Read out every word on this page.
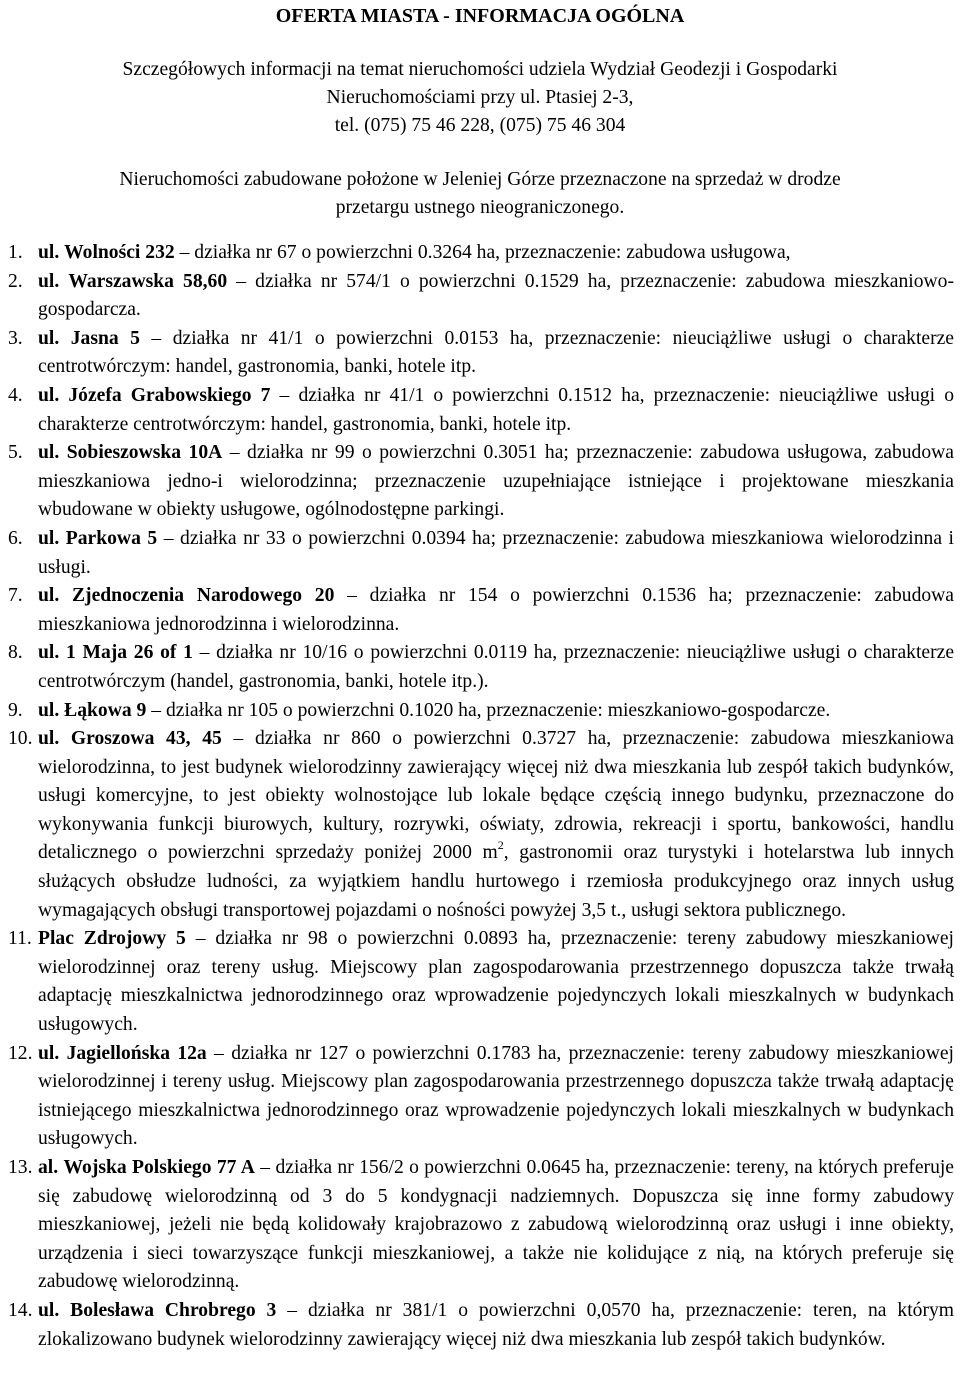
OFERTA MIASTA - INFORMACJA OGÓLNA
Szczegółowych informacji na temat nieruchomości udziela Wydział Geodezji i Gospodarki
Nieruchomościami przy ul. Ptasiej 2-3,
tel. (075) 75 46 228, (075) 75 46 304
Nieruchomości zabudowane położone w Jeleniej Górze przeznaczone na sprzedaż w drodze
przetargu ustnego nieograniczonego.
1. ul. Wolności 232 – działka nr 67 o powierzchni 0.3264 ha, przeznaczenie: zabudowa usługowa,
2. ul. Warszawska 58,60 – działka nr 574/1 o powierzchni 0.1529 ha, przeznaczenie: zabudowa mieszkaniowo-gospodarcza.
3. ul. Jasna 5 – działka nr 41/1 o powierzchni 0.0153 ha, przeznaczenie: nieuciążliwe usługi o charakterze centrotwórczym: handel, gastronomia, banki, hotele itp.
4. ul. Józefa Grabowskiego 7 – działka nr 41/1 o powierzchni 0.1512 ha, przeznaczenie: nieuciążliwe usługi o charakterze centrotwórczym: handel, gastronomia, banki, hotele itp.
5. ul. Sobieszowska 10A – działka nr 99 o powierzchni 0.3051 ha; przeznaczenie: zabudowa usługowa, zabudowa mieszkaniowa jedno-i wielorodzinna; przeznaczenie uzupełniające istniejące i projektowane mieszkania wbudowane w obiekty usługowe, ogólnodostępne parkingi.
6. ul. Parkowa 5 – działka nr 33 o powierzchni 0.0394 ha; przeznaczenie: zabudowa mieszkaniowa wielorodzinna i usługi.
7. ul. Zjednoczenia Narodowego 20 – działka nr 154 o powierzchni 0.1536 ha; przeznaczenie: zabudowa mieszkaniowa jednorodzinna i wielorodzinna.
8. ul. 1 Maja 26 of 1 – działka nr 10/16 o powierzchni 0.0119 ha, przeznaczenie: nieuciążliwe usługi o charakterze centrotwórczym (handel, gastronomia, banki, hotele itp.).
9. ul. Łąkowa 9 – działka nr 105 o powierzchni 0.1020 ha, przeznaczenie: mieszkaniowo-gospodarcze.
10. ul. Groszowa 43, 45 – działka nr 860 o powierzchni 0.3727 ha, przeznaczenie: zabudowa mieszkaniowa wielorodzinna, to jest budynek wielorodzinny zawierający więcej niż dwa mieszkania lub zespół takich budynków, usługi komercyjne, to jest obiekty wolnostojące lub lokale będące częścią innego budynku, przeznaczone do wykonywania funkcji biurowych, kultury, rozrywki, oświaty, zdrowia, rekreacji i sportu, bankowości, handlu detalicznego o powierzchni sprzedaży poniżej 2000 $m^2$, gastronomii oraz turystyki i hotelarstwa lub innych służących obsłudze ludności, za wyjątkiem handlu hurtowego i rzemiosła produkcyjnego oraz innych usług wymagających obsługi transportowej pojazdami o nośności powyżej 3,5 t., usługi sektora publicznego.
11. Plac Zdrojowy 5 – działka nr 98 o powierzchni 0.0893 ha, przeznaczenie: tereny zabudowy mieszkaniowej wielorodzinnej oraz tereny usług. Miejscowy plan zagospodarowania przestrzennego dopuszcza także trwałą adaptację mieszkalnictwa jednorodzinnego oraz wprowadzenie pojedynczych lokali mieszkalnych w budynkach usługowych.
12. ul. Jagiellońska 12a – działka nr 127 o powierzchni 0.1783 ha, przeznaczenie: tereny zabudowy mieszkaniowej wielorodzinnej i tereny usług. Miejscowy plan zagospodarowania przestrzennego dopuszcza także trwałą adaptację istniejącego mieszkalnictwa jednorodzinnego oraz wprowadzenie pojedynczych lokali mieszkalnych w budynkach usługowych.
13. al. Wojska Polskiego 77 A – działka nr 156/2 o powierzchni 0.0645 ha, przeznaczenie: tereny, na których preferuje się zabudowę wielorodzinną od 3 do 5 kondygnacji nadziemnych. Dopuszcza się inne formy zabudowy mieszkaniowej, jeżeli nie będą kolidowały krajobrazowo z zabudową wielorodzinną oraz usługi i inne obiekty, urządzenia i sieci towarzyszące funkcji mieszkaniowej, a także nie kolidujące z nią, na których preferuje się zabudowę wielorodzinną.
14. ul. Bolesława Chrobrego 3 – działka nr 381/1 o powierzchni 0,0570 ha, przeznaczenie: teren, na którym zlokalizowano budynek wielorodzinny zawierający więcej niż dwa mieszkania lub zespół takich budynków.
